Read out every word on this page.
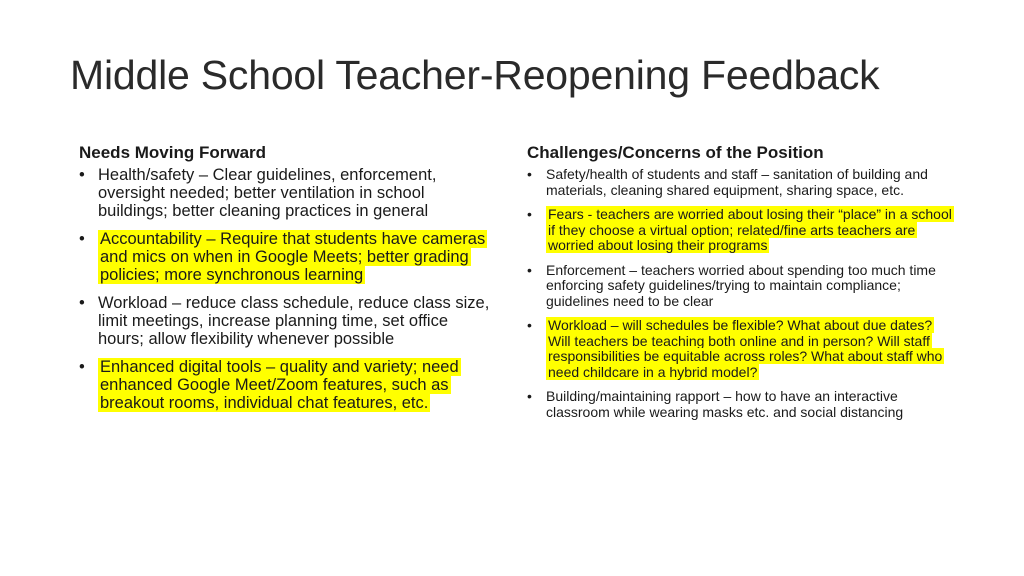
Middle School Teacher-Reopening Feedback
Needs Moving Forward
• Health/safety – Clear guidelines, enforcement, oversight needed; better ventilation in school buildings; better cleaning practices in general
• Accountability – Require that students have cameras and mics on when in Google Meets; better grading policies; more synchronous learning
• Workload – reduce class schedule, reduce class size, limit meetings, increase planning time, set office hours; allow flexibility whenever possible
• Enhanced digital tools – quality and variety; need enhanced Google Meet/Zoom features, such as breakout rooms, individual chat features, etc.
Challenges/Concerns of the Position
• Safety/health of students and staff – sanitation of building and materials, cleaning shared equipment, sharing space, etc.
• Fears - teachers are worried about losing their “place” in a school if they choose a virtual option; related/fine arts teachers are worried about losing their programs
• Enforcement – teachers worried about spending too much time enforcing safety guidelines/trying to maintain compliance; guidelines need to be clear
• Workload – will schedules be flexible? What about due dates? Will teachers be teaching both online and in person? Will staff responsibilities be equitable across roles? What about staff who need childcare in a hybrid model?
• Building/maintaining rapport – how to have an interactive classroom while wearing masks etc. and social distancing
